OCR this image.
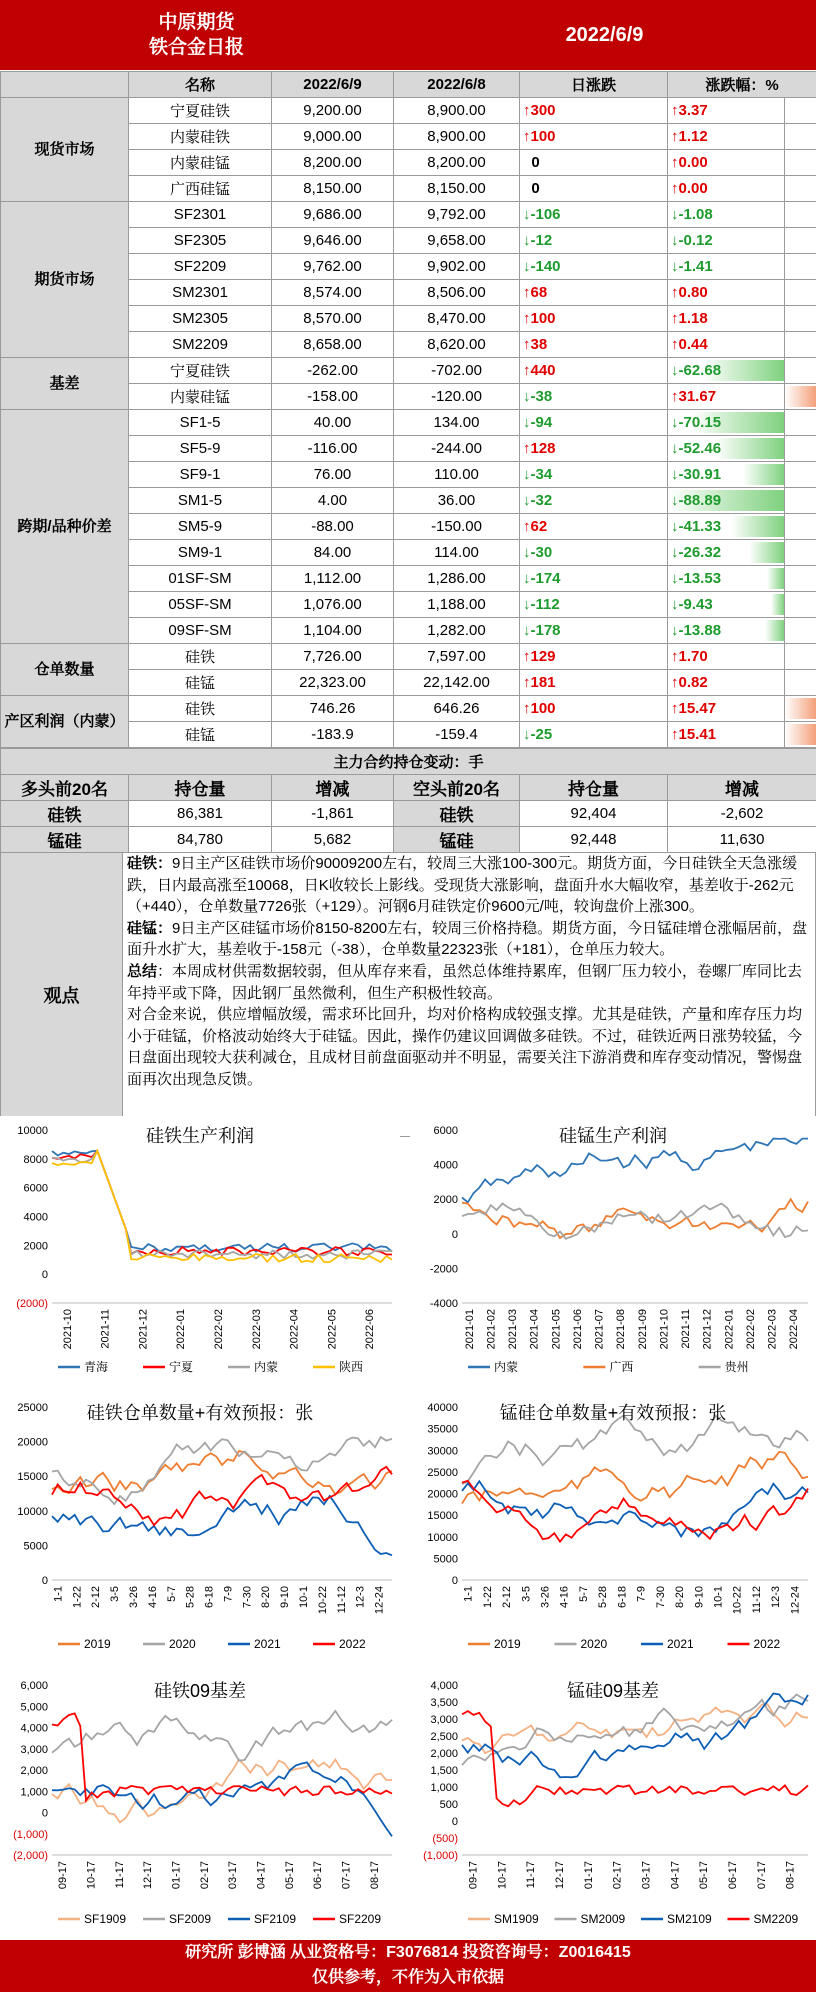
中原期货
铁合金日报
2022/6/9
	名称	2022/6/9	2022/6/8	日涨跌	涨跌幅：%	
现货市场	宁夏硅铁	9,200.00	8,900.00	↑300	↑3.37	
	内蒙硅铁	9,000.00	8,900.00	↑100	↑1.12	
	内蒙硅锰	8,200.00	8,200.00	0	↑0.00	
	广西硅锰	8,150.00	8,150.00	0	↑0.00	
期货市场	SF2301	9,686.00	9,792.00	↓-106	↓-1.08	
	SF2305	9,646.00	9,658.00	↓-12	↓-0.12	
	SF2209	9,762.00	9,902.00	↓-140	↓-1.41	
	SM2301	8,574.00	8,506.00	↑68	↑0.80	
	SM2305	8,570.00	8,470.00	↑100	↑1.18	
	SM2209	8,658.00	8,620.00	↑38	↑0.44	
基差	宁夏硅铁	-262.00	-702.00	↑440	↓-62.68	
	内蒙硅锰	-158.00	-120.00	↓-38	↑31.67	

跨期/品种价差	SF1-5	40.00	134.00	↓-94	↓-70.15	
	SF5-9	-116.00	-244.00	↑128	↓-52.46	
	SF9-1	76.00	110.00	↓-34	↓-30.91	
	SM1-5	4.00	36.00	↓-32	↓-88.89	
	SM5-9	-88.00	-150.00	↑62	↓-41.33	
	SM9-1	84.00	114.00	↓-30	↓-26.32	
	01SF-SM	1,112.00	1,286.00	↓-174	↓-13.53	
	05SF-SM	1,076.00	1,188.00	↓-112	↓-9.43	
	09SF-SM	1,104.00	1,282.00	↓-178	↓-13.88	
仓单数量	硅铁	7,726.00	7,597.00	↑129	↑1.70	
	硅锰	22,323.00	22,142.00	↑181	↑0.82	
产区利润（内蒙）	硅铁	746.26	646.26	↑100	↑15.47	

	硅锰	-183.9	-159.4	↓-25	↑15.41	
主力合约持仓变动：手					
多头前20名	持仓量	增减	空头前20名	持仓量	增减
硅铁	86,381	-1,861	硅铁	92,404	-2,602
锰硅	84,780	5,682	锰硅	92,448	11,630
观点

硅铁：9日主产区硅铁市场价90009200左右，较周三大涨100-300元。期货方面，今日硅铁全天急涨缓跌，日内最高涨至10068，日K收较长上影线。受现货大涨影响，盘面升水大幅收窄，基差收于-262元（+440），仓单数量7726张（+129）。河钢6月硅铁定价9600元/吨，较询盘价上涨300。

硅锰：9日主产区硅锰市场价8150-8200左右，较周三价格持稳。期货方面，今日锰硅增仓涨幅居前，盘面升水扩大，基差收于-158元（-38），仓单数量22323张（+181），仓单压力较大。

总结：本周成材供需数据较弱，但从库存来看，虽然总体维持累库，但钢厂压力较小，卷螺厂库同比去年持平或下降，因此钢厂虽然微利，但生产积极性较高。

对合金来说，供应增幅放缓，需求环比回升，均对价格构成较强支撑。尤其是硅铁，产量和库存压力均小于硅锰，价格波动始终大于硅锰。因此，操作仍建议回调做多硅铁。不过，硅铁近两日涨势较猛，今日盘面出现较大获利减仓，且成材目前盘面驱动并不明显，需要关注下游消费和库存变动情况，警惕盘面再次出现急反馈。

硅铁生产利润
10000
8000
6000
4000
2000
0
(2000)
2021-10 2021-11 2021-12 2022-01 2022-02 2022-03 2022-04 2022-05 2022-06
青海	宁夏	内蒙	陕西
硅锰生产利润
6000
4000
2000
0
-2000
-4000
2021-01 2021-02 2021-03 2021-04 2021-05 2021-06 2021-07 2021-08 2021-09 2021-10 2021-11 2021-12 2022-01 2022-02 2022-03 2022-04
内蒙	广西	贵州
硅铁仓单数量+有效预报：张
25000
20000
15000
10000
5000
0
1-1 1-22 2-12 3-5 3-26 4-16 5-7 5-28 6-18 7-9 7-30 8-20 9-10 10-1 10-22 11-12 12-3 12-24
2019	2020	2021	2022
锰硅仓单数量+有效预报：张
40000
35000
30000
25000
20000
15000
10000
5000
0
1-1 1-22 2-12 3-5 3-26 4-16 5-7 5-28 6-18 7-9 7-30 8-20 9-10 10-1 10-22 11-12 12-3 12-24
2019	2020	2021	2022
硅铁09基差
6,000
5,000
4,000
3,000
2,000
1,000
0
(1,000)
(2,000)
09-17 10-17 11-17 12-17 01-17 02-17 03-17 04-17 05-17 06-17 07-17 08-17
SF1909	SF2009	SF2109	SF2209
锰硅09基差
4,000
3,500
3,000
2,500
2,000
1,500
1,000
500
0
(500)
(1,000)
09-17 10-17 11-17 12-17 01-17 02-17 03-17 04-17 05-17 06-17 07-17 08-17
SM1909	SM2009	SM2109	SM2209
研究所 彭博涵 从业资格号：F3076814 投资咨询号：Z0016415
仅供参考，不作为入市依据
